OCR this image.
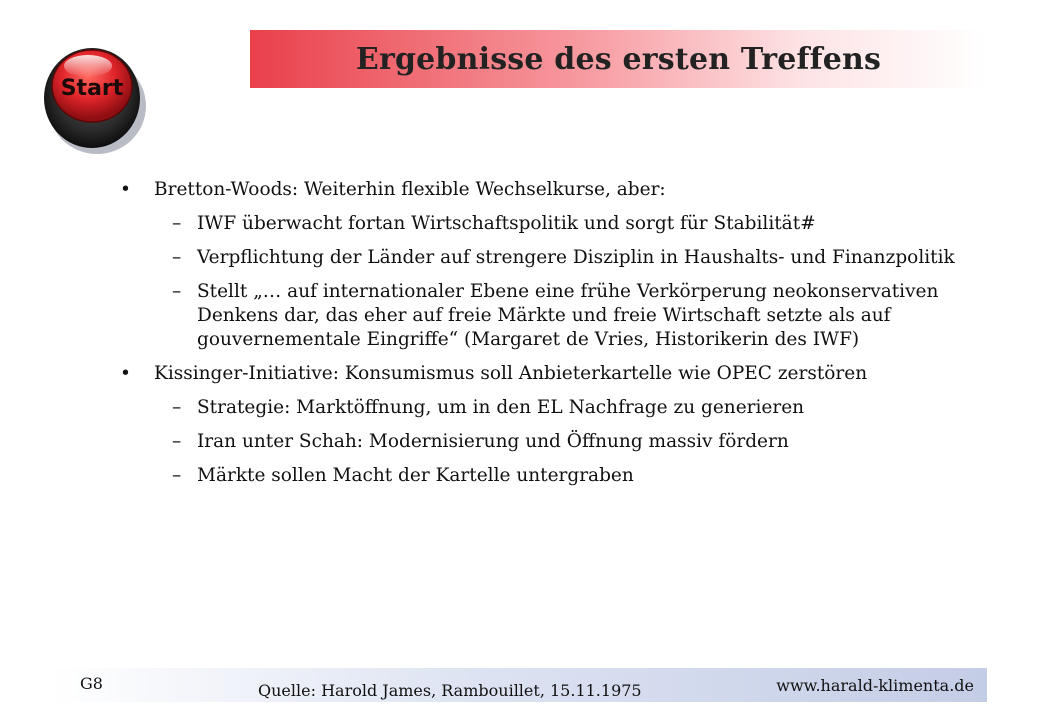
Start
Ergebnisse des ersten Treffens
•	Bretton-Woods: Weiterhin flexible Wechselkurse, aber:
– IWF überwacht fortan Wirtschaftspolitik und sorgt für Stabilität#
– Verpflichtung der Länder auf strengere Disziplin in Haushalts- und Finanzpolitik
– Stellt „… auf internationaler Ebene eine frühe Verkörperung neokonservativen Denkens dar, das eher auf freie Märkte und freie Wirtschaft setzte als auf gouvernementale Eingriffe“ (Margaret de Vries, Historikerin des IWF)
•	Kissinger-Initiative: Konsumismus soll Anbieterkartelle wie OPEC zerstören
– Strategie: Marktöffnung, um in den EL Nachfrage zu generieren
– Iran unter Schah: Modernisierung und Öffnung massiv fördern
– Märkte sollen Macht der Kartelle untergraben
G8	Quelle: Harold James, Rambouillet, 15.11.1975	www.harald-klimenta.de
